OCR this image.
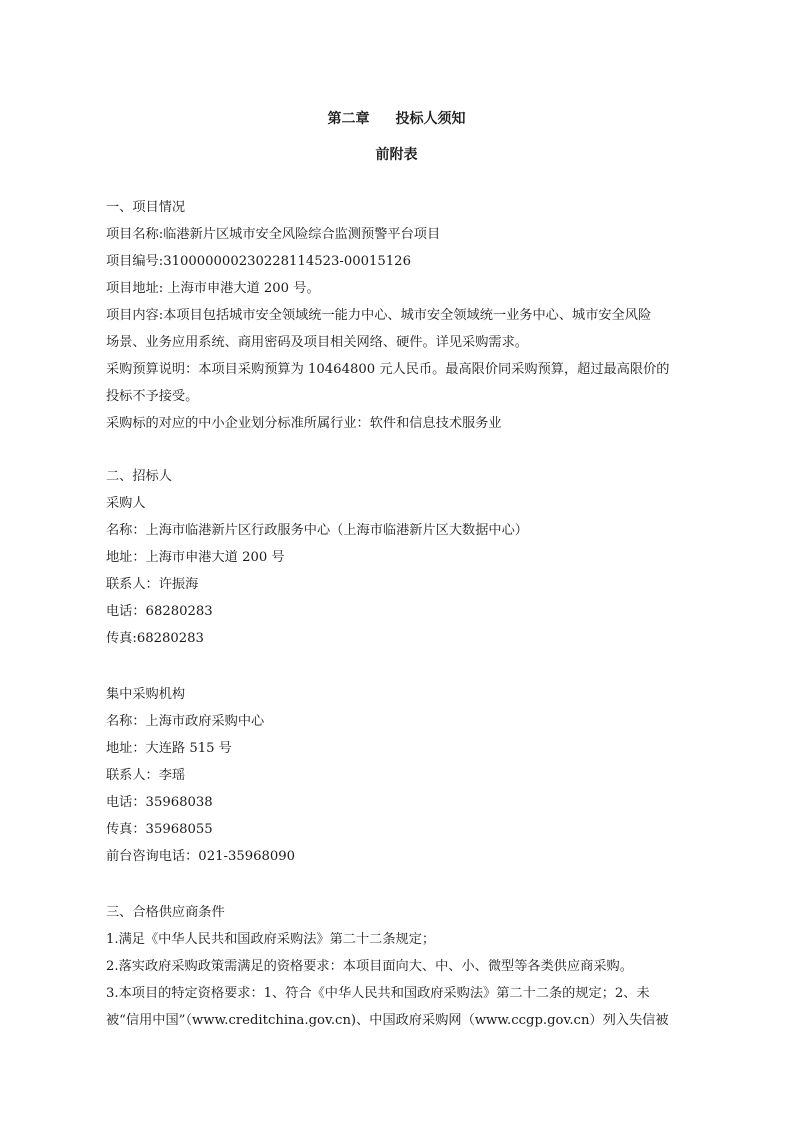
第二章 投标人须知
前附表
一、项目情况
项目名称:临港新片区城市安全风险综合监测预警平台项目
项目编号:310000000230228114523-00015126
项目地址: 上海市申港大道 200 号。
项目内容:本项目包括城市安全领域统一能力中心、城市安全领域统一业务中心、城市安全风险
场景、业务应用系统、商用密码及项目相关网络、硬件。详见采购需求。
采购预算说明：本项目采购预算为 10464800 元人民币。最高限价同采购预算，超过最高限价的
投标不予接受。
采购标的对应的中小企业划分标准所属行业：软件和信息技术服务业
二、招标人
采购人
名称：上海市临港新片区行政服务中心（上海市临港新片区大数据中心）
地址：上海市申港大道 200 号
联系人：许振海
电话：68280283
传真:68280283
集中采购机构
名称：上海市政府采购中心
地址：大连路 515 号
联系人：李瑶
电话：35968038
传真：35968055
前台咨询电话：021-35968090
三、合格供应商条件
1.满足《中华人民共和国政府采购法》第二十二条规定；
2.落实政府采购政策需满足的资格要求：本项目面向大、中、小、微型等各类供应商采购。
3.本项目的特定资格要求：1、符合《中华人民共和国政府采购法》第二十二条的规定；2、未
被“信用中国”（www.creditchina.gov.cn)、中国政府采购网（www.ccgp.gov.cn）列入失信被
